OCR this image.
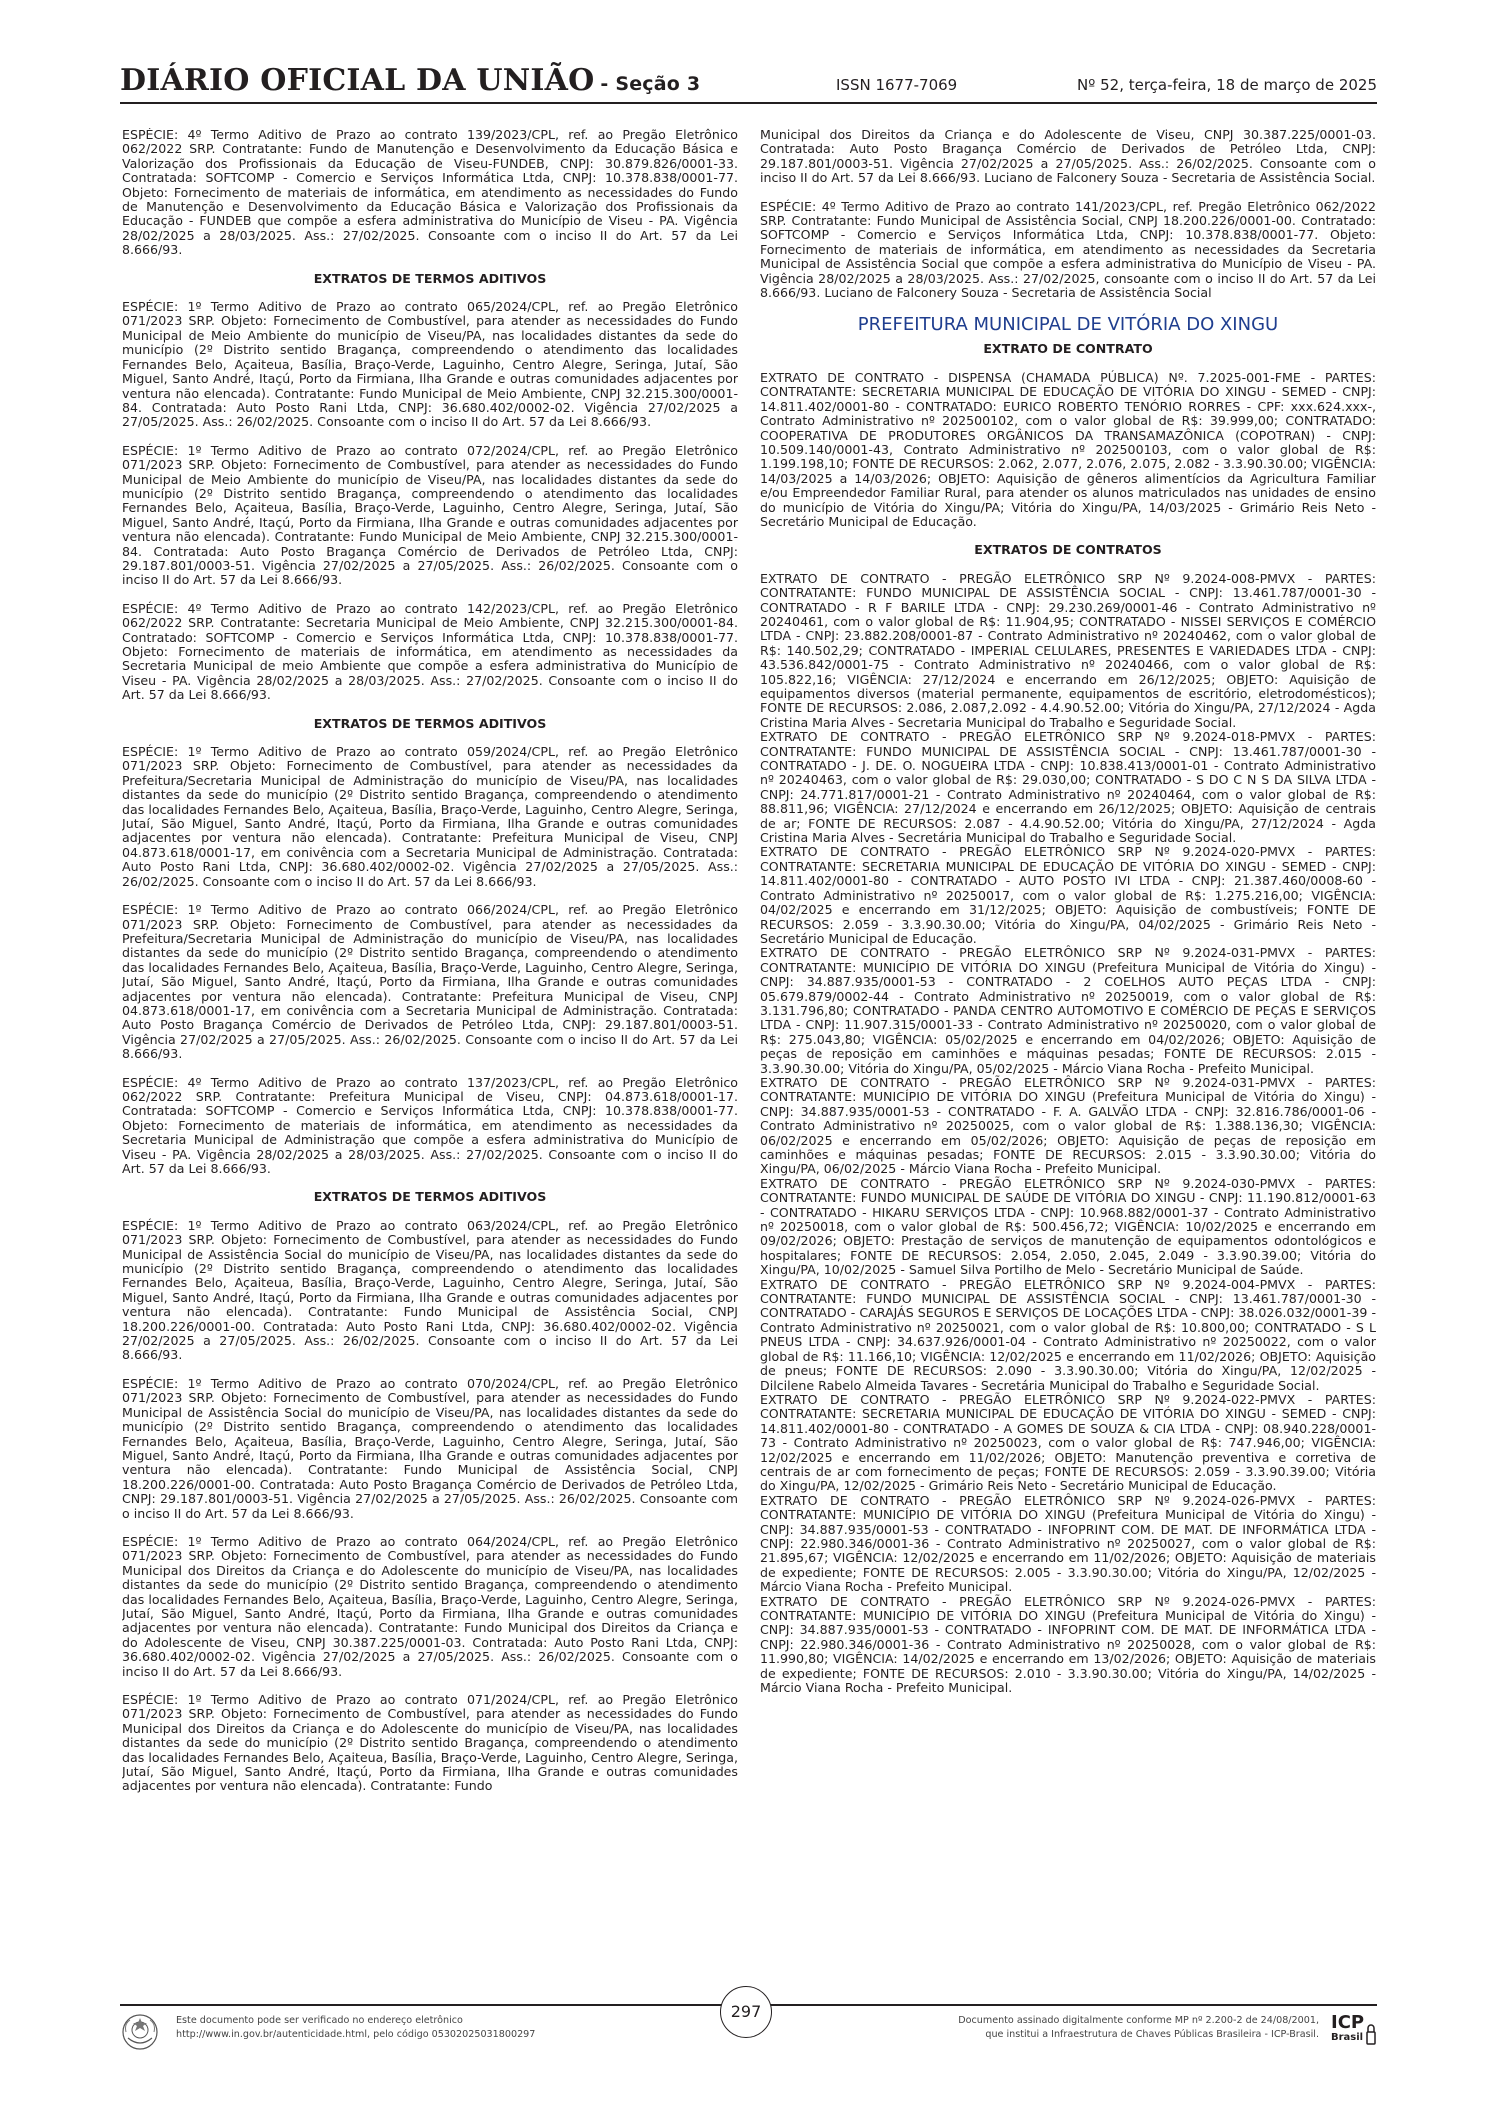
DIÁRIO OFICIAL DA UNIÃO - Seção 3	ISSN 1677-7069	Nº 52, terça-feira, 18 de março de 2025
ESPÉCIE: 4º Termo Aditivo de Prazo ao contrato 139/2023/CPL, ref. ao Pregão Eletrônico 062/2022 SRP. Contratante: Fundo de Manutenção e Desenvolvimento da Educação Básica e Valorização dos Profissionais da Educação de Viseu-FUNDEB, CNPJ: 30.879.826/0001-33. Contratada: SOFTCOMP - Comercio e Serviços Informática Ltda, CNPJ: 10.378.838/0001-77. Objeto: Fornecimento de materiais de informática, em atendimento as necessidades do Fundo de Manutenção e Desenvolvimento da Educação Básica e Valorização dos Profissionais da Educação - FUNDEB que compõe a esfera administrativa do Município de Viseu - PA. Vigência 28/02/2025 a 28/03/2025. Ass.: 27/02/2025. Consoante com o inciso II do Art. 57 da Lei 8.666/93.
EXTRATOS DE TERMOS ADITIVOS
ESPÉCIE: 1º Termo Aditivo de Prazo ao contrato 065/2024/CPL, ref. ao Pregão Eletrônico 071/2023 SRP. Objeto: Fornecimento de Combustível, para atender as necessidades do Fundo Municipal de Meio Ambiente do município de Viseu/PA, nas localidades distantes da sede do município (2º Distrito sentido Bragança, compreendendo o atendimento das localidades Fernandes Belo, Açaiteua, Basília, Braço-Verde, Laguinho, Centro Alegre, Seringa, Jutaí, São Miguel, Santo André, Itaçú, Porto da Firmiana, Ilha Grande e outras comunidades adjacentes por ventura não elencada). Contratante: Fundo Municipal de Meio Ambiente, CNPJ 32.215.300/0001-84. Contratada: Auto Posto Rani Ltda, CNPJ: 36.680.402/0002-02. Vigência 27/02/2025 a 27/05/2025. Ass.: 26/02/2025. Consoante com o inciso II do Art. 57 da Lei 8.666/93.
ESPÉCIE: 1º Termo Aditivo de Prazo ao contrato 072/2024/CPL, ref. ao Pregão Eletrônico 071/2023 SRP. Objeto: Fornecimento de Combustível, para atender as necessidades do Fundo Municipal de Meio Ambiente do município de Viseu/PA, nas localidades distantes da sede do município (2º Distrito sentido Bragança, compreendendo o atendimento das localidades Fernandes Belo, Açaiteua, Basília, Braço-Verde, Laguinho, Centro Alegre, Seringa, Jutaí, São Miguel, Santo André, Itaçú, Porto da Firmiana, Ilha Grande e outras comunidades adjacentes por ventura não elencada). Contratante: Fundo Municipal de Meio Ambiente, CNPJ 32.215.300/0001-84. Contratada: Auto Posto Bragança Comércio de Derivados de Petróleo Ltda, CNPJ: 29.187.801/0003-51. Vigência 27/02/2025 a 27/05/2025. Ass.: 26/02/2025. Consoante com o inciso II do Art. 57 da Lei 8.666/93.
ESPÉCIE: 4º Termo Aditivo de Prazo ao contrato 142/2023/CPL, ref. ao Pregão Eletrônico 062/2022 SRP. Contratante: Secretaria Municipal de Meio Ambiente, CNPJ 32.215.300/0001-84. Contratado: SOFTCOMP - Comercio e Serviços Informática Ltda, CNPJ: 10.378.838/0001-77. Objeto: Fornecimento de materiais de informática, em atendimento as necessidades da Secretaria Municipal de meio Ambiente que compõe a esfera administrativa do Município de Viseu - PA. Vigência 28/02/2025 a 28/03/2025. Ass.: 27/02/2025. Consoante com o inciso II do Art. 57 da Lei 8.666/93.
EXTRATOS DE TERMOS ADITIVOS
ESPÉCIE: 1º Termo Aditivo de Prazo ao contrato 059/2024/CPL, ref. ao Pregão Eletrônico 071/2023 SRP. Objeto: Fornecimento de Combustível, para atender as necessidades da Prefeitura/Secretaria Municipal de Administração do município de Viseu/PA, nas localidades distantes da sede do município (2º Distrito sentido Bragança, compreendendo o atendimento das localidades Fernandes Belo, Açaiteua, Basília, Braço-Verde, Laguinho, Centro Alegre, Seringa, Jutaí, São Miguel, Santo André, Itaçú, Porto da Firmiana, Ilha Grande e outras comunidades adjacentes por ventura não elencada). Contratante: Prefeitura Municipal de Viseu, CNPJ 04.873.618/0001-17, em conivência com a Secretaria Municipal de Administração. Contratada: Auto Posto Rani Ltda, CNPJ: 36.680.402/0002-02. Vigência 27/02/2025 a 27/05/2025. Ass.: 26/02/2025. Consoante com o inciso II do Art. 57 da Lei 8.666/93.
ESPÉCIE: 1º Termo Aditivo de Prazo ao contrato 066/2024/CPL, ref. ao Pregão Eletrônico 071/2023 SRP. Objeto: Fornecimento de Combustível, para atender as necessidades da Prefeitura/Secretaria Municipal de Administração do município de Viseu/PA, nas localidades distantes da sede do município (2º Distrito sentido Bragança, compreendendo o atendimento das localidades Fernandes Belo, Açaiteua, Basília, Braço-Verde, Laguinho, Centro Alegre, Seringa, Jutaí, São Miguel, Santo André, Itaçú, Porto da Firmiana, Ilha Grande e outras comunidades adjacentes por ventura não elencada). Contratante: Prefeitura Municipal de Viseu, CNPJ 04.873.618/0001-17, em conivência com a Secretaria Municipal de Administração. Contratada: Auto Posto Bragança Comércio de Derivados de Petróleo Ltda, CNPJ: 29.187.801/0003-51. Vigência 27/02/2025 a 27/05/2025. Ass.: 26/02/2025. Consoante com o inciso II do Art. 57 da Lei 8.666/93.
ESPÉCIE: 4º Termo Aditivo de Prazo ao contrato 137/2023/CPL, ref. ao Pregão Eletrônico 062/2022 SRP. Contratante: Prefeitura Municipal de Viseu, CNPJ: 04.873.618/0001-17. Contratada: SOFTCOMP - Comercio e Serviços Informática Ltda, CNPJ: 10.378.838/0001-77. Objeto: Fornecimento de materiais de informática, em atendimento as necessidades da Secretaria Municipal de Administração que compõe a esfera administrativa do Município de Viseu - PA. Vigência 28/02/2025 a 28/03/2025. Ass.: 27/02/2025. Consoante com o inciso II do Art. 57 da Lei 8.666/93.
EXTRATOS DE TERMOS ADITIVOS
ESPÉCIE: 1º Termo Aditivo de Prazo ao contrato 063/2024/CPL, ref. ao Pregão Eletrônico 071/2023 SRP. Objeto: Fornecimento de Combustível, para atender as necessidades do Fundo Municipal de Assistência Social do município de Viseu/PA, nas localidades distantes da sede do município (2º Distrito sentido Bragança, compreendendo o atendimento das localidades Fernandes Belo, Açaiteua, Basília, Braço-Verde, Laguinho, Centro Alegre, Seringa, Jutaí, São Miguel, Santo André, Itaçú, Porto da Firmiana, Ilha Grande e outras comunidades adjacentes por ventura não elencada). Contratante: Fundo Municipal de Assistência Social, CNPJ 18.200.226/0001-00. Contratada: Auto Posto Rani Ltda, CNPJ: 36.680.402/0002-02. Vigência 27/02/2025 a 27/05/2025. Ass.: 26/02/2025. Consoante com o inciso II do Art. 57 da Lei 8.666/93.
ESPÉCIE: 1º Termo Aditivo de Prazo ao contrato 070/2024/CPL, ref. ao Pregão Eletrônico 071/2023 SRP. Objeto: Fornecimento de Combustível, para atender as necessidades do Fundo Municipal de Assistência Social do município de Viseu/PA, nas localidades distantes da sede do município (2º Distrito sentido Bragança, compreendendo o atendimento das localidades Fernandes Belo, Açaiteua, Basília, Braço-Verde, Laguinho, Centro Alegre, Seringa, Jutaí, São Miguel, Santo André, Itaçú, Porto da Firmiana, Ilha Grande e outras comunidades adjacentes por ventura não elencada). Contratante: Fundo Municipal de Assistência Social, CNPJ 18.200.226/0001-00. Contratada: Auto Posto Bragança Comércio de Derivados de Petróleo Ltda, CNPJ: 29.187.801/0003-51. Vigência 27/02/2025 a 27/05/2025. Ass.: 26/02/2025. Consoante com o inciso II do Art. 57 da Lei 8.666/93.
ESPÉCIE: 1º Termo Aditivo de Prazo ao contrato 064/2024/CPL, ref. ao Pregão Eletrônico 071/2023 SRP. Objeto: Fornecimento de Combustível, para atender as necessidades do Fundo Municipal dos Direitos da Criança e do Adolescente do município de Viseu/PA, nas localidades distantes da sede do município (2º Distrito sentido Bragança, compreendendo o atendimento das localidades Fernandes Belo, Açaiteua, Basília, Braço-Verde, Laguinho, Centro Alegre, Seringa, Jutaí, São Miguel, Santo André, Itaçú, Porto da Firmiana, Ilha Grande e outras comunidades adjacentes por ventura não elencada). Contratante: Fundo Municipal dos Direitos da Criança e do Adolescente de Viseu, CNPJ 30.387.225/0001-03. Contratada: Auto Posto Rani Ltda, CNPJ: 36.680.402/0002-02. Vigência 27/02/2025 a 27/05/2025. Ass.: 26/02/2025. Consoante com o inciso II do Art. 57 da Lei 8.666/93.
ESPÉCIE: 1º Termo Aditivo de Prazo ao contrato 071/2024/CPL, ref. ao Pregão Eletrônico 071/2023 SRP. Objeto: Fornecimento de Combustível, para atender as necessidades do Fundo Municipal dos Direitos da Criança e do Adolescente do município de Viseu/PA, nas localidades distantes da sede do município (2º Distrito sentido Bragança, compreendendo o atendimento das localidades Fernandes Belo, Açaiteua, Basília, Braço-Verde, Laguinho, Centro Alegre, Seringa, Jutaí, São Miguel, Santo André, Itaçú, Porto da Firmiana, Ilha Grande e outras comunidades adjacentes por ventura não elencada). Contratante: Fundo
Municipal dos Direitos da Criança e do Adolescente de Viseu, CNPJ 30.387.225/0001-03. Contratada: Auto Posto Bragança Comércio de Derivados de Petróleo Ltda, CNPJ: 29.187.801/0003-51. Vigência 27/02/2025 a 27/05/2025. Ass.: 26/02/2025. Consoante com o inciso II do Art. 57 da Lei 8.666/93. Luciano de Falconery Souza - Secretaria de Assistência Social.
ESPÉCIE: 4º Termo Aditivo de Prazo ao contrato 141/2023/CPL, ref. Pregão Eletrônico 062/2022 SRP. Contratante: Fundo Municipal de Assistência Social, CNPJ 18.200.226/0001-00. Contratado: SOFTCOMP - Comercio e Serviços Informática Ltda, CNPJ: 10.378.838/0001-77. Objeto: Fornecimento de materiais de informática, em atendimento as necessidades da Secretaria Municipal de Assistência Social que compõe a esfera administrativa do Município de Viseu - PA. Vigência 28/02/2025 a 28/03/2025. Ass.: 27/02/2025, consoante com o inciso II do Art. 57 da Lei 8.666/93. Luciano de Falconery Souza - Secretaria de Assistência Social
PREFEITURA MUNICIPAL DE VITÓRIA DO XINGU
EXTRATO DE CONTRATO
EXTRATO DE CONTRATO - DISPENSA (CHAMADA PÚBLICA) Nº. 7.2025-001-FME - PARTES: CONTRATANTE: SECRETARIA MUNICIPAL DE EDUCAÇÃO DE VITÓRIA DO XINGU - SEMED - CNPJ: 14.811.402/0001-80 - CONTRATADO: EURICO ROBERTO TENÓRIO RORRES - CPF: xxx.624.xxx-, Contrato Administrativo nº 202500102, com o valor global de R$: 39.999,00; CONTRATADO: COOPERATIVA DE PRODUTORES ORGÂNICOS DA TRANSAMAZÔNICA (COPOTRAN) - CNPJ: 10.509.140/0001-43, Contrato Administrativo nº 202500103, com o valor global de R$: 1.199.198,10; FONTE DE RECURSOS: 2.062, 2.077, 2.076, 2.075, 2.082 - 3.3.90.30.00; VIGÊNCIA: 14/03/2025 a 14/03/2026; OBJETO: Aquisição de gêneros alimentícios da Agricultura Familiar e/ou Empreendedor Familiar Rural, para atender os alunos matriculados nas unidades de ensino do município de Vitória do Xingu/PA; Vitória do Xingu/PA, 14/03/2025 - Grimário Reis Neto - Secretário Municipal de Educação.
EXTRATOS DE CONTRATOS
EXTRATO DE CONTRATO - PREGÃO ELETRÔNICO SRP Nº 9.2024-008-PMVX - PARTES: CONTRATANTE: FUNDO MUNICIPAL DE ASSISTÊNCIA SOCIAL - CNPJ: 13.461.787/0001-30 - CONTRATADO - R F BARILE LTDA - CNPJ: 29.230.269/0001-46 - Contrato Administrativo nº 20240461, com o valor global de R$: 11.904,95; CONTRATADO - NISSEI SERVIÇOS E COMÉRCIO LTDA - CNPJ: 23.882.208/0001-87 - Contrato Administrativo nº 20240462, com o valor global de R$: 140.502,29; CONTRATADO - IMPERIAL CELULARES, PRESENTES E VARIEDADES LTDA - CNPJ: 43.536.842/0001-75 - Contrato Administrativo nº 20240466, com o valor global de R$: 105.822,16; VIGÊNCIA: 27/12/2024 e encerrando em 26/12/2025; OBJETO: Aquisição de equipamentos diversos (material permanente, equipamentos de escritório, eletrodomésticos); FONTE DE RECURSOS: 2.086, 2.087,2.092 - 4.4.90.52.00; Vitória do Xingu/PA, 27/12/2024 - Agda Cristina Maria Alves - Secretaria Municipal do Trabalho e Seguridade Social.
EXTRATO DE CONTRATO - PREGÃO ELETRÔNICO SRP Nº 9.2024-018-PMVX - PARTES: CONTRATANTE: FUNDO MUNICIPAL DE ASSISTÊNCIA SOCIAL - CNPJ: 13.461.787/0001-30 - CONTRATADO - J. DE. O. NOGUEIRA LTDA - CNPJ: 10.838.413/0001-01 - Contrato Administrativo nº 20240463, com o valor global de R$: 29.030,00; CONTRATADO - S DO C N S DA SILVA LTDA - CNPJ: 24.771.817/0001-21 - Contrato Administrativo nº 20240464, com o valor global de R$: 88.811,96; VIGÊNCIA: 27/12/2024 e encerrando em 26/12/2025; OBJETO: Aquisição de centrais de ar; FONTE DE RECURSOS: 2.087 - 4.4.90.52.00; Vitória do Xingu/PA, 27/12/2024 - Agda Cristina Maria Alves - Secretária Municipal do Trabalho e Seguridade Social.
EXTRATO DE CONTRATO - PREGÃO ELETRÔNICO SRP Nº 9.2024-020-PMVX - PARTES: CONTRATANTE: SECRETARIA MUNICIPAL DE EDUCAÇÃO DE VITÓRIA DO XINGU - SEMED - CNPJ: 14.811.402/0001-80 - CONTRATADO - AUTO POSTO IVI LTDA - CNPJ: 21.387.460/0008-60 - Contrato Administrativo nº 20250017, com o valor global de R$: 1.275.216,00; VIGÊNCIA: 04/02/2025 e encerrando em 31/12/2025; OBJETO: Aquisição de combustíveis; FONTE DE RECURSOS: 2.059 - 3.3.90.30.00; Vitória do Xingu/PA, 04/02/2025 - Grimário Reis Neto - Secretário Municipal de Educação.
EXTRATO DE CONTRATO - PREGÃO ELETRÔNICO SRP Nº 9.2024-031-PMVX - PARTES: CONTRATANTE: MUNICÍPIO DE VITÓRIA DO XINGU (Prefeitura Municipal de Vitória do Xingu) - CNPJ: 34.887.935/0001-53 - CONTRATADO - 2 COELHOS AUTO PEÇAS LTDA - CNPJ: 05.679.879/0002-44 - Contrato Administrativo nº 20250019, com o valor global de R$: 3.131.796,80; CONTRATADO - PANDA CENTRO AUTOMOTIVO E COMÉRCIO DE PEÇAS E SERVIÇOS LTDA - CNPJ: 11.907.315/0001-33 - Contrato Administrativo nº 20250020, com o valor global de R$: 275.043,80; VIGÊNCIA: 05/02/2025 e encerrando em 04/02/2026; OBJETO: Aquisição de peças de reposição em caminhões e máquinas pesadas; FONTE DE RECURSOS: 2.015 - 3.3.90.30.00; Vitória do Xingu/PA, 05/02/2025 - Márcio Viana Rocha - Prefeito Municipal.
EXTRATO DE CONTRATO - PREGÃO ELETRÔNICO SRP Nº 9.2024-031-PMVX - PARTES: CONTRATANTE: MUNICÍPIO DE VITÓRIA DO XINGU (Prefeitura Municipal de Vitória do Xingu) - CNPJ: 34.887.935/0001-53 - CONTRATADO - F. A. GALVÃO LTDA - CNPJ: 32.816.786/0001-06 - Contrato Administrativo nº 20250025, com o valor global de R$: 1.388.136,30; VIGÊNCIA: 06/02/2025 e encerrando em 05/02/2026; OBJETO: Aquisição de peças de reposição em caminhões e máquinas pesadas; FONTE DE RECURSOS: 2.015 - 3.3.90.30.00; Vitória do Xingu/PA, 06/02/2025 - Márcio Viana Rocha - Prefeito Municipal.
EXTRATO DE CONTRATO - PREGÃO ELETRÔNICO SRP Nº 9.2024-030-PMVX - PARTES: CONTRATANTE: FUNDO MUNICIPAL DE SAÚDE DE VITÓRIA DO XINGU - CNPJ: 11.190.812/0001-63 - CONTRATADO - HIKARU SERVIÇOS LTDA - CNPJ: 10.968.882/0001-37 - Contrato Administrativo nº 20250018, com o valor global de R$: 500.456,72; VIGÊNCIA: 10/02/2025 e encerrando em 09/02/2026; OBJETO: Prestação de serviços de manutenção de equipamentos odontológicos e hospitalares; FONTE DE RECURSOS: 2.054, 2.050, 2.045, 2.049 - 3.3.90.39.00; Vitória do Xingu/PA, 10/02/2025 - Samuel Silva Portilho de Melo - Secretário Municipal de Saúde.
EXTRATO DE CONTRATO - PREGÃO ELETRÔNICO SRP Nº 9.2024-004-PMVX - PARTES: CONTRATANTE: FUNDO MUNICIPAL DE ASSISTÊNCIA SOCIAL - CNPJ: 13.461.787/0001-30 - CONTRATADO - CARAJÁS SEGUROS E SERVIÇOS DE LOCAÇÕES LTDA - CNPJ: 38.026.032/0001-39 - Contrato Administrativo nº 20250021, com o valor global de R$: 10.800,00; CONTRATADO - S L PNEUS LTDA - CNPJ: 34.637.926/0001-04 - Contrato Administrativo nº 20250022, com o valor global de R$: 11.166,10; VIGÊNCIA: 12/02/2025 e encerrando em 11/02/2026; OBJETO: Aquisição de pneus; FONTE DE RECURSOS: 2.090 - 3.3.90.30.00; Vitória do Xingu/PA, 12/02/2025 - Dilcilene Rabelo Almeida Tavares - Secretária Municipal do Trabalho e Seguridade Social.
EXTRATO DE CONTRATO - PREGÃO ELETRÔNICO SRP Nº 9.2024-022-PMVX - PARTES: CONTRATANTE: SECRETARIA MUNICIPAL DE EDUCAÇÃO DE VITÓRIA DO XINGU - SEMED - CNPJ: 14.811.402/0001-80 - CONTRATADO - A GOMES DE SOUZA & CIA LTDA - CNPJ: 08.940.228/0001-73 - Contrato Administrativo nº 20250023, com o valor global de R$: 747.946,00; VIGÊNCIA: 12/02/2025 e encerrando em 11/02/2026; OBJETO: Manutenção preventiva e corretiva de centrais de ar com fornecimento de peças; FONTE DE RECURSOS: 2.059 - 3.3.90.39.00; Vitória do Xingu/PA, 12/02/2025 - Grimário Reis Neto - Secretário Municipal de Educação.
EXTRATO DE CONTRATO - PREGÃO ELETRÔNICO SRP Nº 9.2024-026-PMVX - PARTES: CONTRATANTE: MUNICÍPIO DE VITÓRIA DO XINGU (Prefeitura Municipal de Vitória do Xingu) - CNPJ: 34.887.935/0001-53 - CONTRATADO - INFOPRINT COM. DE MAT. DE INFORMÁTICA LTDA - CNPJ: 22.980.346/0001-36 - Contrato Administrativo nº 20250027, com o valor global de R$: 21.895,67; VIGÊNCIA: 12/02/2025 e encerrando em 11/02/2026; OBJETO: Aquisição de materiais de expediente; FONTE DE RECURSOS: 2.005 - 3.3.90.30.00; Vitória do Xingu/PA, 12/02/2025 - Márcio Viana Rocha - Prefeito Municipal.
EXTRATO DE CONTRATO - PREGÃO ELETRÔNICO SRP Nº 9.2024-026-PMVX - PARTES: CONTRATANTE: MUNICÍPIO DE VITÓRIA DO XINGU (Prefeitura Municipal de Vitória do Xingu) - CNPJ: 34.887.935/0001-53 - CONTRATADO - INFOPRINT COM. DE MAT. DE INFORMÁTICA LTDA - CNPJ: 22.980.346/0001-36 - Contrato Administrativo nº 20250028, com o valor global de R$: 11.990,80; VIGÊNCIA: 14/02/2025 e encerrando em 13/02/2026; OBJETO: Aquisição de materiais de expediente; FONTE DE RECURSOS: 2.010 - 3.3.90.30.00; Vitória do Xingu/PA, 14/02/2025 - Márcio Viana Rocha - Prefeito Municipal.
Este documento pode ser verificado no endereço eletrônico
http://www.in.gov.br/autenticidade.html, pelo código 05302025031800297
297	Documento assinado digitalmente conforme MP nº 2.200-2 de 24/08/2001,
que institui a Infraestrutura de Chaves Públicas Brasileira - ICP-Brasil.
ICP
Brasil
